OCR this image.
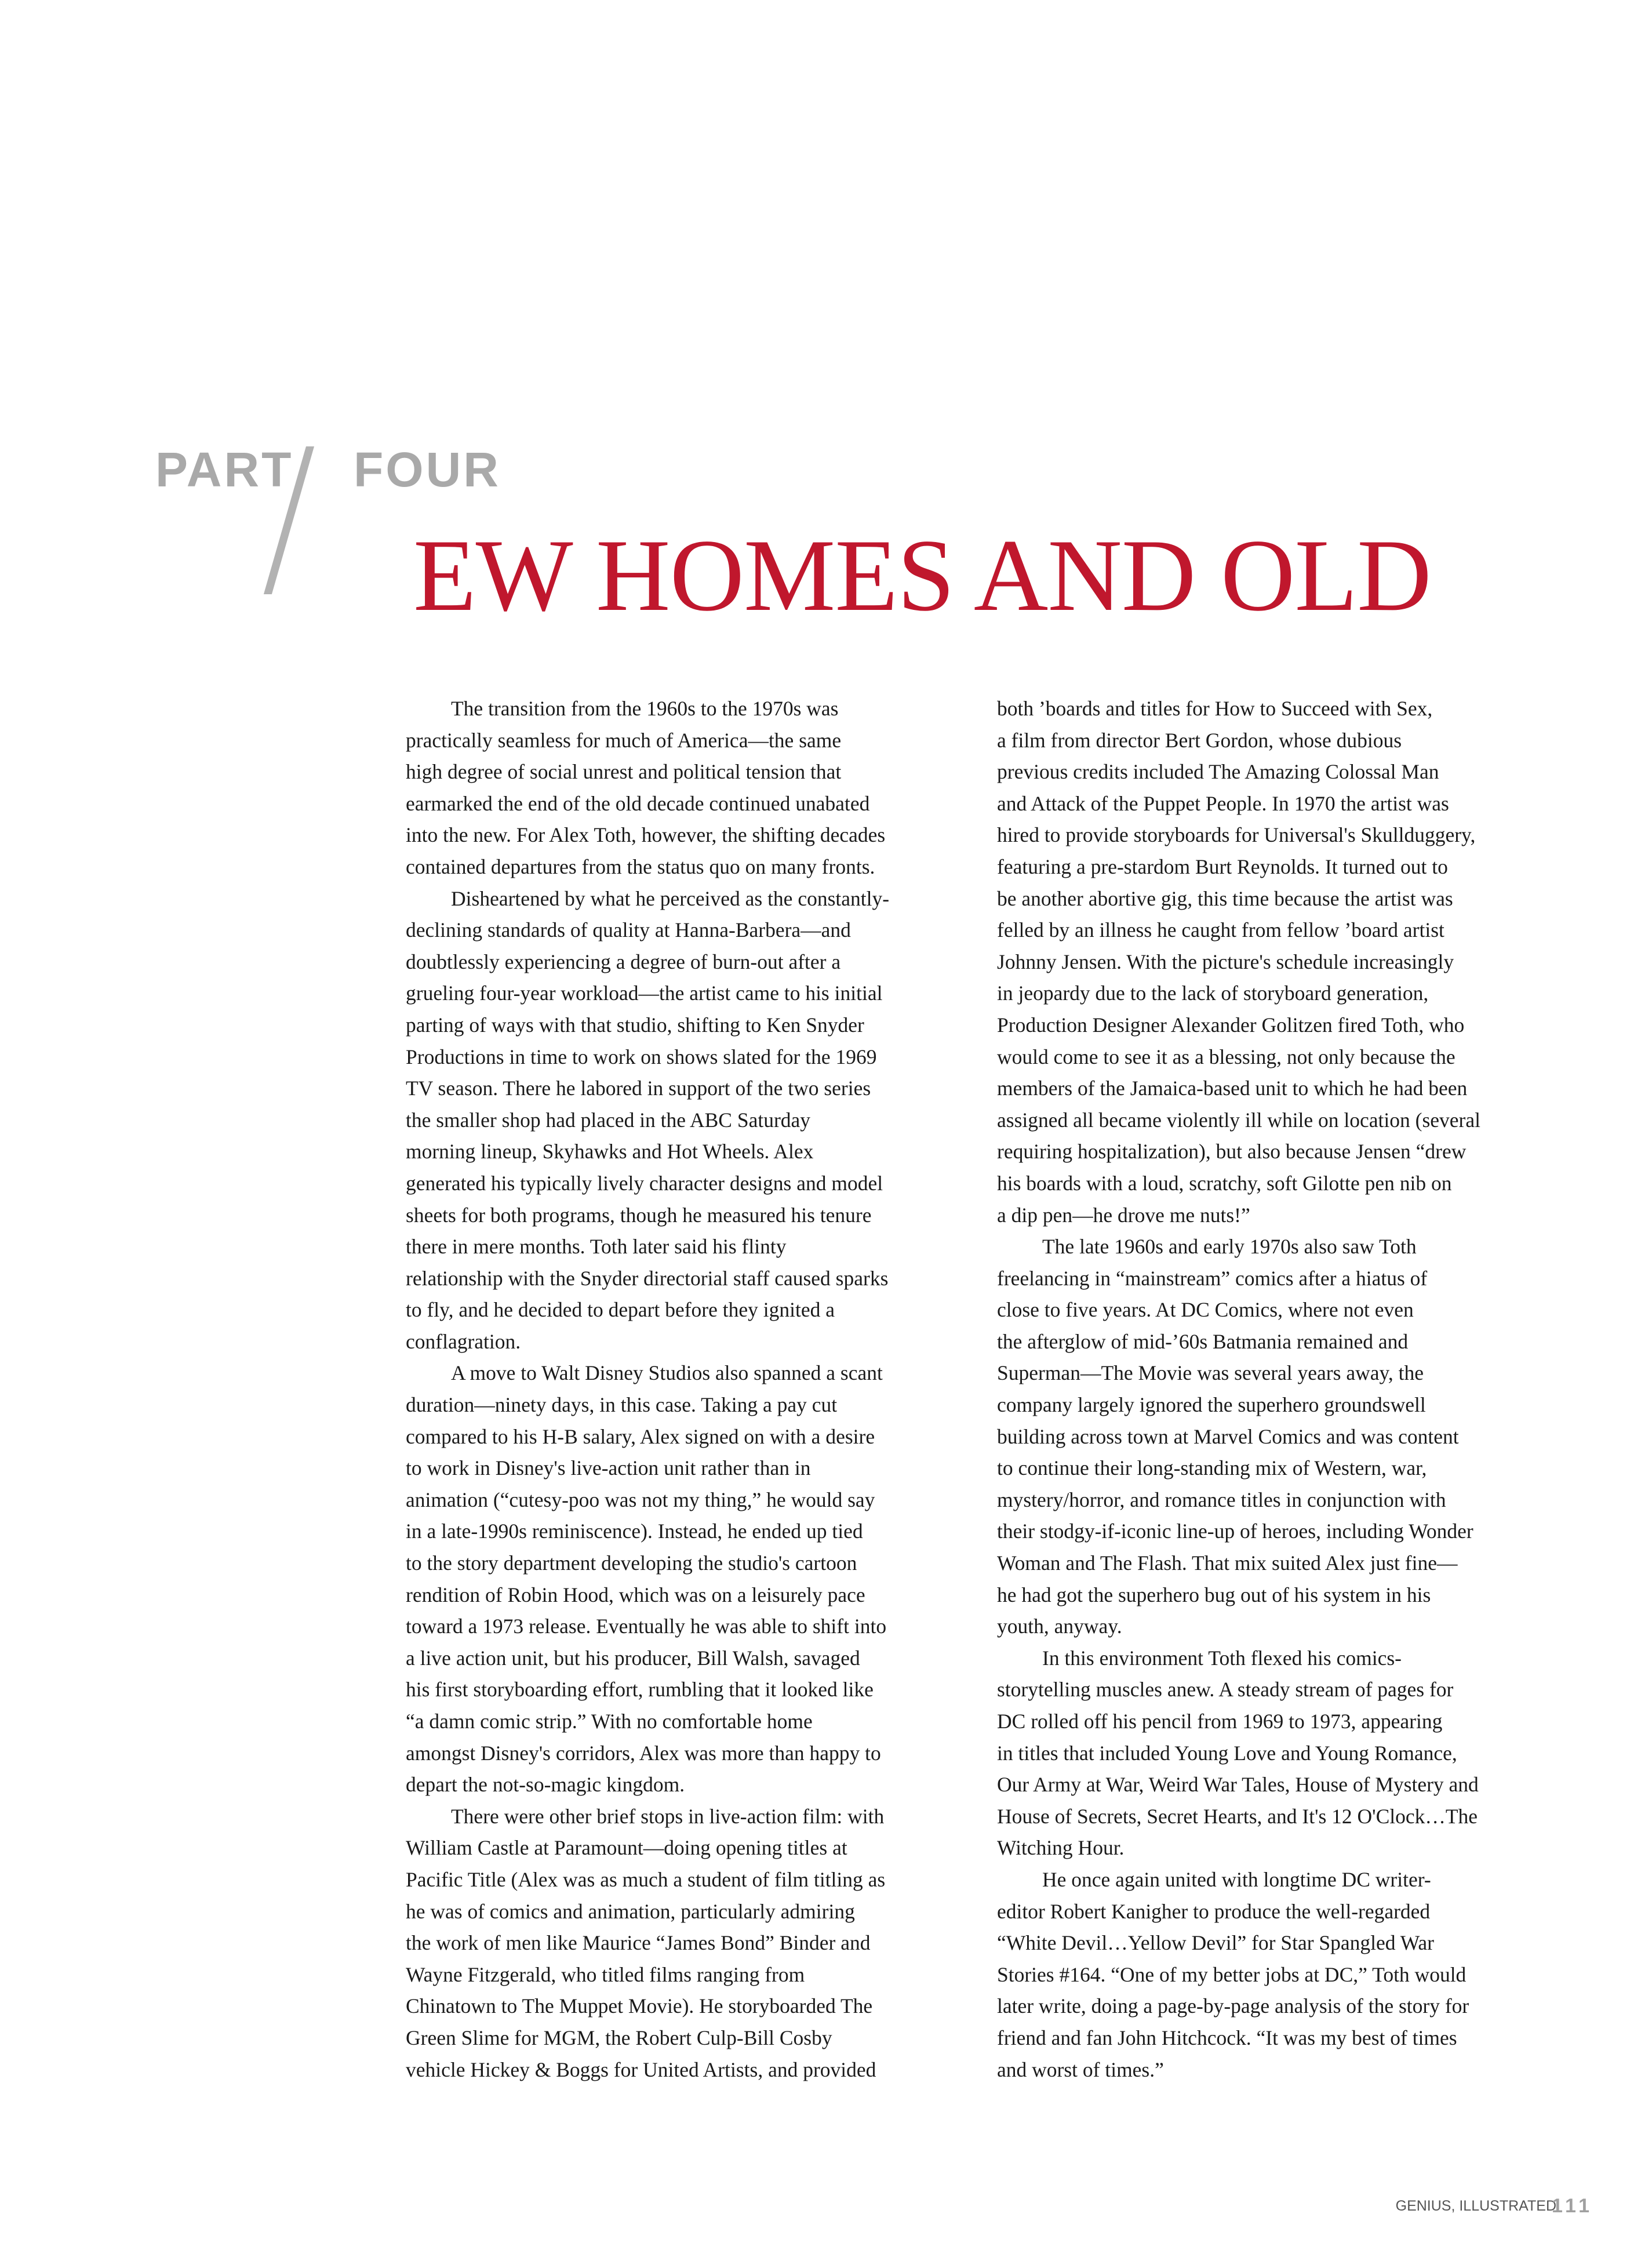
PART FOUR
EW HOMES AND OLD
The transition from the 1960s to the 1970s was
practically seamless for much of America—the same
high degree of social unrest and political tension that
earmarked the end of the old decade continued unabated
into the new. For Alex Toth, however, the shifting decades
contained departures from the status quo on many fronts.
Disheartened by what he perceived as the constantly-
declining standards of quality at Hanna-Barbera—and
doubtlessly experiencing a degree of burn-out after a
grueling four-year workload—the artist came to his initial
parting of ways with that studio, shifting to Ken Snyder
Productions in time to work on shows slated for the 1969
TV season. There he labored in support of the two series
the smaller shop had placed in the ABC Saturday
morning lineup, Skyhawks and Hot Wheels. Alex
generated his typically lively character designs and model
sheets for both programs, though he measured his tenure
there in mere months. Toth later said his flinty
relationship with the Snyder directorial staff caused sparks
to fly, and he decided to depart before they ignited a
conflagration.
A move to Walt Disney Studios also spanned a scant
duration—ninety days, in this case. Taking a pay cut
compared to his H-B salary, Alex signed on with a desire
to work in Disney's live-action unit rather than in
animation (“cutesy-poo was not my thing,” he would say
in a late-1990s reminiscence). Instead, he ended up tied
to the story department developing the studio's cartoon
rendition of Robin Hood, which was on a leisurely pace
toward a 1973 release. Eventually he was able to shift into
a live action unit, but his producer, Bill Walsh, savaged
his first storyboarding effort, rumbling that it looked like
“a damn comic strip.” With no comfortable home
amongst Disney's corridors, Alex was more than happy to
depart the not-so-magic kingdom.
There were other brief stops in live-action film: with
William Castle at Paramount—doing opening titles at
Pacific Title (Alex was as much a student of film titling as
he was of comics and animation, particularly admiring
the work of men like Maurice “James Bond” Binder and
Wayne Fitzgerald, who titled films ranging from
Chinatown to The Muppet Movie). He storyboarded The
Green Slime for MGM, the Robert Culp-Bill Cosby
vehicle Hickey & Boggs for United Artists, and provided
both ’boards and titles for How to Succeed with Sex,
a film from director Bert Gordon, whose dubious
previous credits included The Amazing Colossal Man
and Attack of the Puppet People. In 1970 the artist was
hired to provide storyboards for Universal's Skullduggery,
featuring a pre-stardom Burt Reynolds. It turned out to
be another abortive gig, this time because the artist was
felled by an illness he caught from fellow ’board artist
Johnny Jensen. With the picture's schedule increasingly
in jeopardy due to the lack of storyboard generation,
Production Designer Alexander Golitzen fired Toth, who
would come to see it as a blessing, not only because the
members of the Jamaica-based unit to which he had been
assigned all became violently ill while on location (several
requiring hospitalization), but also because Jensen “drew
his boards with a loud, scratchy, soft Gilotte pen nib on
a dip pen—he drove me nuts!”
The late 1960s and early 1970s also saw Toth
freelancing in “mainstream” comics after a hiatus of
close to five years. At DC Comics, where not even
the afterglow of mid-’60s Batmania remained and
Superman—The Movie was several years away, the
company largely ignored the superhero groundswell
building across town at Marvel Comics and was content
to continue their long-standing mix of Western, war,
mystery/horror, and romance titles in conjunction with
their stodgy-if-iconic line-up of heroes, including Wonder
Woman and The Flash. That mix suited Alex just fine—
he had got the superhero bug out of his system in his
youth, anyway.
In this environment Toth flexed his comics-
storytelling muscles anew. A steady stream of pages for
DC rolled off his pencil from 1969 to 1973, appearing
in titles that included Young Love and Young Romance,
Our Army at War, Weird War Tales, House of Mystery and
House of Secrets, Secret Hearts, and It's 12 O'Clock…The
Witching Hour.
He once again united with longtime DC writer-
editor Robert Kanigher to produce the well-regarded
“White Devil…Yellow Devil” for Star Spangled War
Stories #164. “One of my better jobs at DC,” Toth would
later write, doing a page-by-page analysis of the story for
friend and fan John Hitchcock. “It was my best of times
and worst of times.”
GENIUS, ILLUSTRATED
111
